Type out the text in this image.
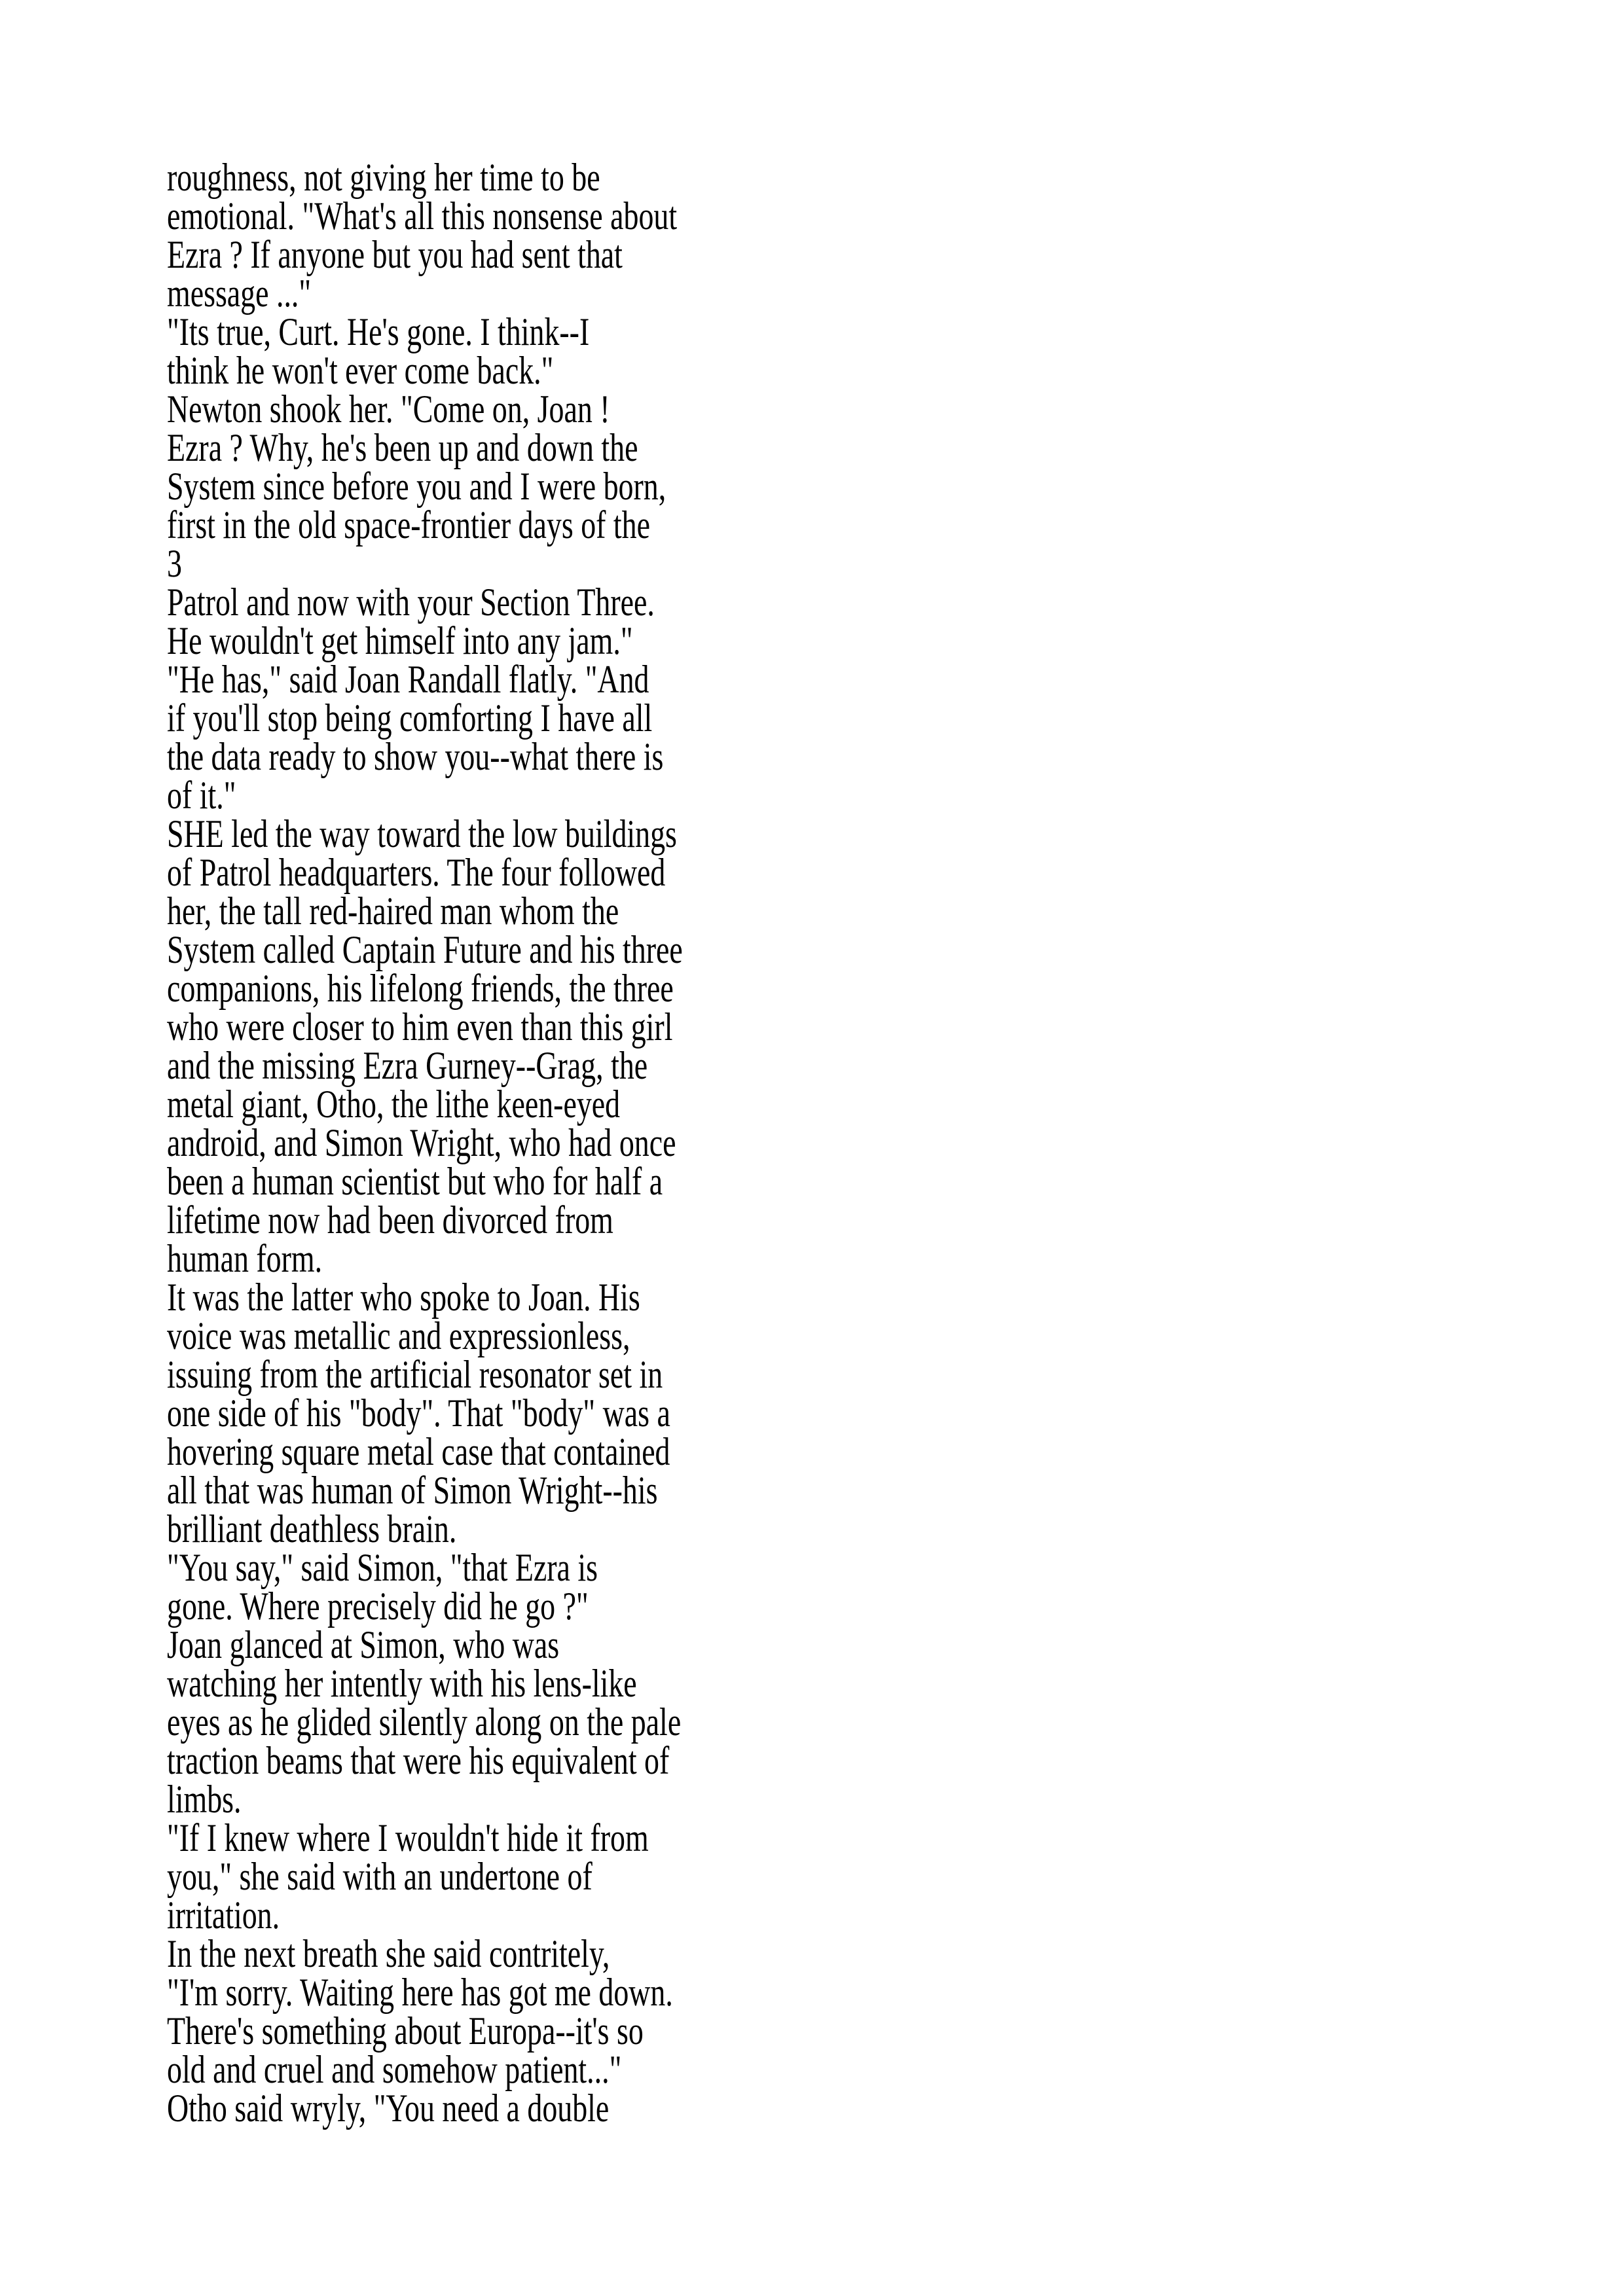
roughness, not giving her time to be
emotional. "What's all this nonsense about
Ezra ? If anyone but you had sent that
message ..."
"Its true, Curt. He's gone. I think--I
think he won't ever come back."
Newton shook her. "Come on, Joan !
Ezra ? Why, he's been up and down the
System since before you and I were born,
first in the old space-frontier days of the
3
Patrol and now with your Section Three.
He wouldn't get himself into any jam."
"He has," said Joan Randall flatly. "And
if you'll stop being comforting I have all
the data ready to show you--what there is
of it."
SHE led the way toward the low buildings
of Patrol headquarters. The four followed
her, the tall red-haired man whom the
System called Captain Future and his three
companions, his lifelong friends, the three
who were closer to him even than this girl
and the missing Ezra Gurney--Grag, the
metal giant, Otho, the lithe keen-eyed
android, and Simon Wright, who had once
been a human scientist but who for half a
lifetime now had been divorced from
human form.
It was the latter who spoke to Joan. His
voice was metallic and expressionless,
issuing from the artificial resonator set in
one side of his "body". That "body" was a
hovering square metal case that contained
all that was human of Simon Wright--his
brilliant deathless brain.
"You say," said Simon, "that Ezra is
gone. Where precisely did he go ?"
Joan glanced at Simon, who was
watching her intently with his lens-like
eyes as he glided silently along on the pale
traction beams that were his equivalent of
limbs.
"If I knew where I wouldn't hide it from
you," she said with an undertone of
irritation.
In the next breath she said contritely,
"I'm sorry. Waiting here has got me down.
There's something about Europa--it's so
old and cruel and somehow patient..."
Otho said wryly, "You need a double
